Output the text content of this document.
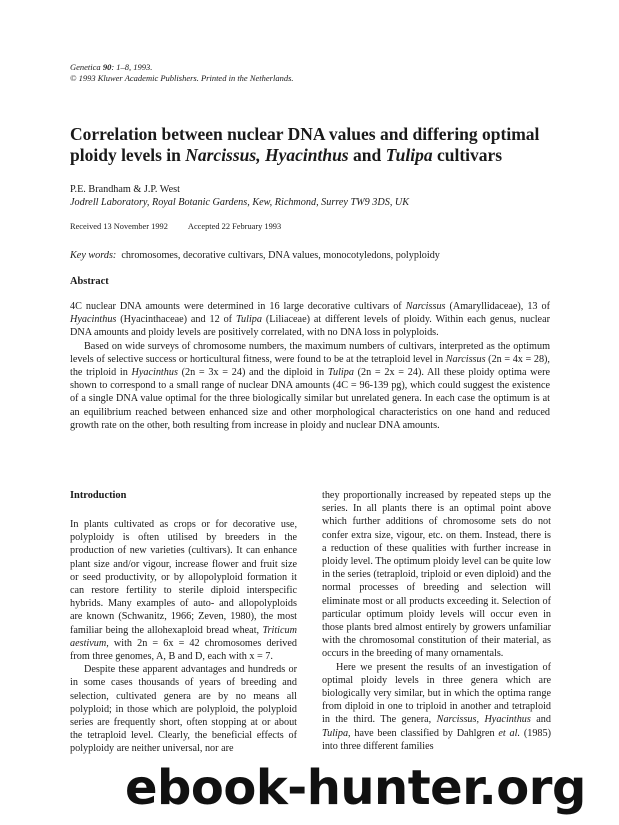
Genetica 90: 1–8, 1993.
© 1993 Kluwer Academic Publishers. Printed in the Netherlands.
Correlation between nuclear DNA values and differing optimal ploidy levels in Narcissus, Hyacinthus and Tulipa cultivars
P.E. Brandham & J.P. West
Jodrell Laboratory, Royal Botanic Gardens, Kew, Richmond, Surrey TW9 3DS, UK
Received 13 November 1992 Accepted 22 February 1993
Key words: chromosomes, decorative cultivars, DNA values, monocotyledons, polyploidy
Abstract

4C nuclear DNA amounts were determined in 16 large decorative cultivars of Narcissus (Amaryllidaceae), 13 of Hyacinthus (Hyacinthaceae) and 12 of Tulipa (Liliaceae) at different levels of ploidy. Within each genus, nuclear DNA amounts and ploidy levels are positively correlated, with no DNA loss in polyploids.

Based on wide surveys of chromosome numbers, the maximum numbers of cultivars, interpreted as the optimum levels of selective success or horticultural fitness, were found to be at the tetraploid level in Narcissus (2n = 4x = 28), the triploid in Hyacinthus (2n = 3x = 24) and the diploid in Tulipa (2n = 2x = 24). All these ploidy optima were shown to correspond to a small range of nuclear DNA amounts (4C = 96-139 pg), which could suggest the existence of a single DNA value optimal for the three biologically similar but unrelated genera. In each case the optimum is at an equilibrium reached between enhanced size and other morphological characteristics on one hand and reduced growth rate on the other, both resulting from increase in ploidy and nuclear DNA amounts.

Introduction

In plants cultivated as crops or for decorative use, polyploidy is often utilised by breeders in the production of new varieties (cultivars). It can enhance plant size and/or vigour, increase flower and fruit size or seed productivity, or by allopolyploid formation it can restore fertility to sterile diploid interspecific hybrids. Many examples of auto- and allopolyploids are known (Schwanitz, 1966; Zeven, 1980), the most familiar being the allohexaploid bread wheat, Triticum aestivum, with 2n = 6x = 42 chromosomes derived from three genomes, A, B and D, each with x = 7.

Despite these apparent advantages and hundreds or in some cases thousands of years of breeding and selection, cultivated genera are by no means all polyploid; in those which are polyploid, the polyploid series are frequently short, often stopping at or about the tetraploid level. Clearly, the beneficial effects of polyploidy are neither universal, nor are

they proportionally increased by repeated steps up the series. In all plants there is an optimal point above which further additions of chromosome sets do not confer extra size, vigour, etc. on them. Instead, there is a reduction of these qualities with further increase in ploidy level. The optimum ploidy level can be quite low in the series (tetraploid, triploid or even diploid) and the normal processes of breeding and selection will eliminate most or all products exceeding it. Selection of particular optimum ploidy levels will occur even in those plants bred almost entirely by growers unfamiliar with the chromosomal constitution of their material, as occurs in the breeding of many ornamentals.

Here we present the results of an investigation of optimal ploidy levels in three genera which are biologically very similar, but in which the optima range from diploid in one to triploid in another and tetraploid in the third. The genera, Narcissus, Hyacinthus and Tulipa, have been classified by Dahlgren et al. (1985) into three different families

ebook-hunter.org
